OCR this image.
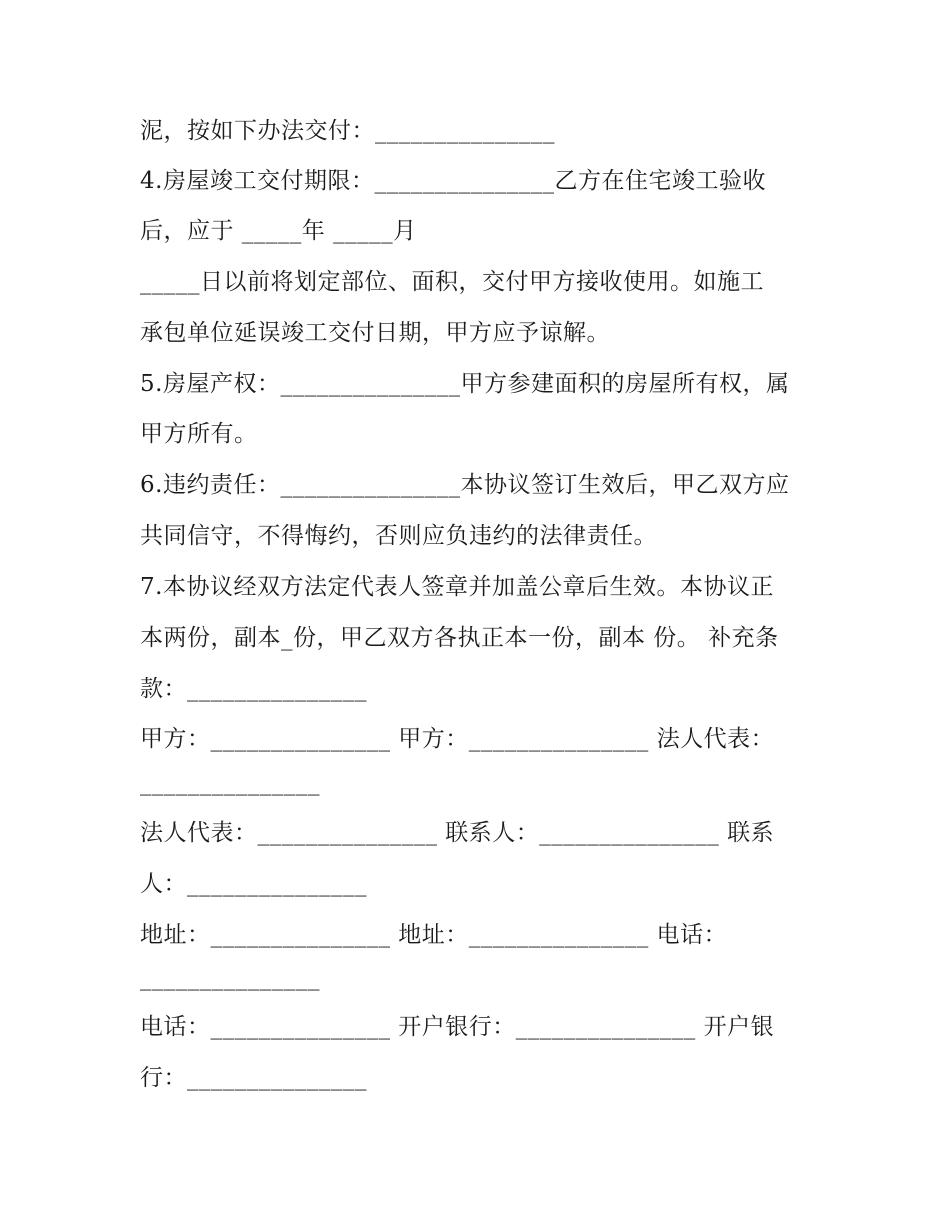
泥，按如下办法交付：_______________

4.房屋竣工交付期限：_______________乙方在住宅竣工验收

后，应于 _____年 _____月

_____日以前将划定部位、面积，交付甲方接收使用。如施工

承包单位延误竣工交付日期，甲方应予谅解。

5.房屋产权：_______________甲方参建面积的房屋所有权，属

甲方所有。

6.违约责任：_______________本协议签订生效后，甲乙双方应

共同信守，不得悔约，否则应负违约的法律责任。

7.本协议经双方法定代表人签章并加盖公章后生效。本协议正

本两份，副本_份，甲乙双方各执正本一份，副本 份。 补充条

款：_______________

甲方：_______________ 甲方：_______________ 法人代表：

_______________

法人代表：_______________ 联系人：_______________ 联系

人：_______________

地址：_______________ 地址：_______________ 电话：

_______________

电话：_______________ 开户银行：_______________ 开户银

行：_______________
